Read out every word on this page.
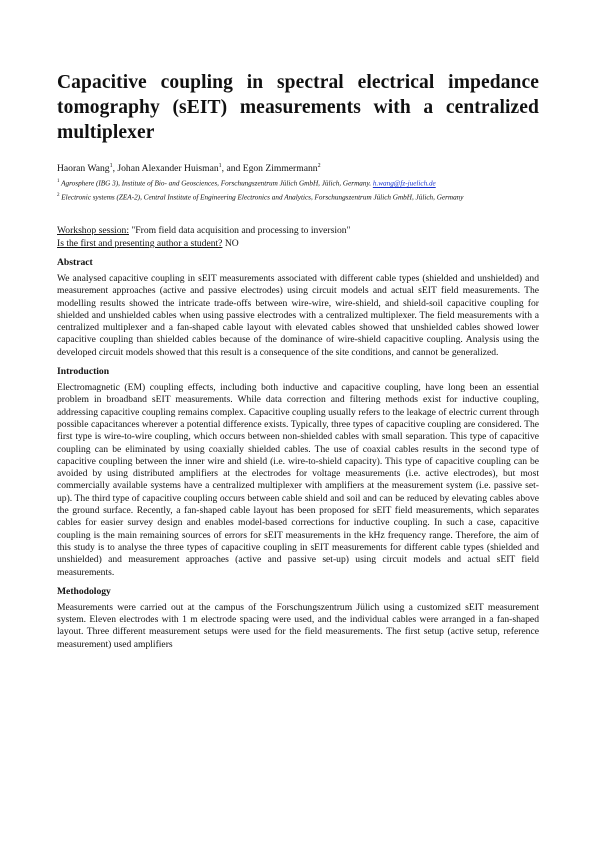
Capacitive coupling in spectral electrical impedance tomography (sEIT) measurements with a centralized multiplexer

Haoran Wang$^1$, Johan Alexander Huisman$^1$, and Egon Zimmermann$^2$

$^1$ Agrosphere (IBG 3), Institute of Bio- and Geosciences, Forschungszentrum Jülich GmbH, Jülich, Germany. h.wang@fz-juelich.de

$^2$ Electronic systems (ZEA-2), Central Institute of Engineering Electronics and Analytics, Forschungszentrum Jülich GmbH, Jülich, Germany

Workshop session: "From field data acquisition and processing to inversion"
Is the first and presenting author a student? NO
Abstract

We analysed capacitive coupling in sEIT measurements associated with different cable types (shielded and unshielded) and measurement approaches (active and passive electrodes) using circuit models and actual sEIT field measurements. The modelling results showed the intricate trade-offs between wire-wire, wire-shield, and shield-soil capacitive coupling for shielded and unshielded cables when using passive electrodes with a centralized multiplexer. The field measurements with a centralized multiplexer and a fan-shaped cable layout with elevated cables showed that unshielded cables showed lower capacitive coupling than shielded cables because of the dominance of wire-shield capacitive coupling. Analysis using the developed circuit models showed that this result is a consequence of the site conditions, and cannot be generalized.

Introduction

Electromagnetic (EM) coupling effects, including both inductive and capacitive coupling, have long been an essential problem in broadband sEIT measurements. While data correction and filtering methods exist for inductive coupling, addressing capacitive coupling remains complex. Capacitive coupling usually refers to the leakage of electric current through possible capacitances wherever a potential difference exists. Typically, three types of capacitive coupling are considered. The first type is wire-to-wire coupling, which occurs between non-shielded cables with small separation. This type of capacitive coupling can be eliminated by using coaxially shielded cables. The use of coaxial cables results in the second type of capacitive coupling between the inner wire and shield (i.e. wire-to-shield capacity). This type of capacitive coupling can be avoided by using distributed amplifiers at the electrodes for voltage measurements (i.e. active electrodes), but most commercially available systems have a centralized multiplexer with amplifiers at the measurement system (i.e. passive set-up). The third type of capacitive coupling occurs between cable shield and soil and can be reduced by elevating cables above the ground surface. Recently, a fan-shaped cable layout has been proposed for sEIT field measurements, which separates cables for easier survey design and enables model-based corrections for inductive coupling. In such a case, capacitive coupling is the main remaining sources of errors for sEIT measurements in the kHz frequency range. Therefore, the aim of this study is to analyse the three types of capacitive coupling in sEIT measurements for different cable types (shielded and unshielded) and measurement approaches (active and passive set-up) using circuit models and actual sEIT field measurements.

Methodology

Measurements were carried out at the campus of the Forschungszentrum Jülich using a customized sEIT measurement system. Eleven electrodes with 1 m electrode spacing were used, and the individual cables were arranged in a fan-shaped layout. Three different measurement setups were used for the field measurements. The first setup (active setup, reference measurement) used amplifiers
